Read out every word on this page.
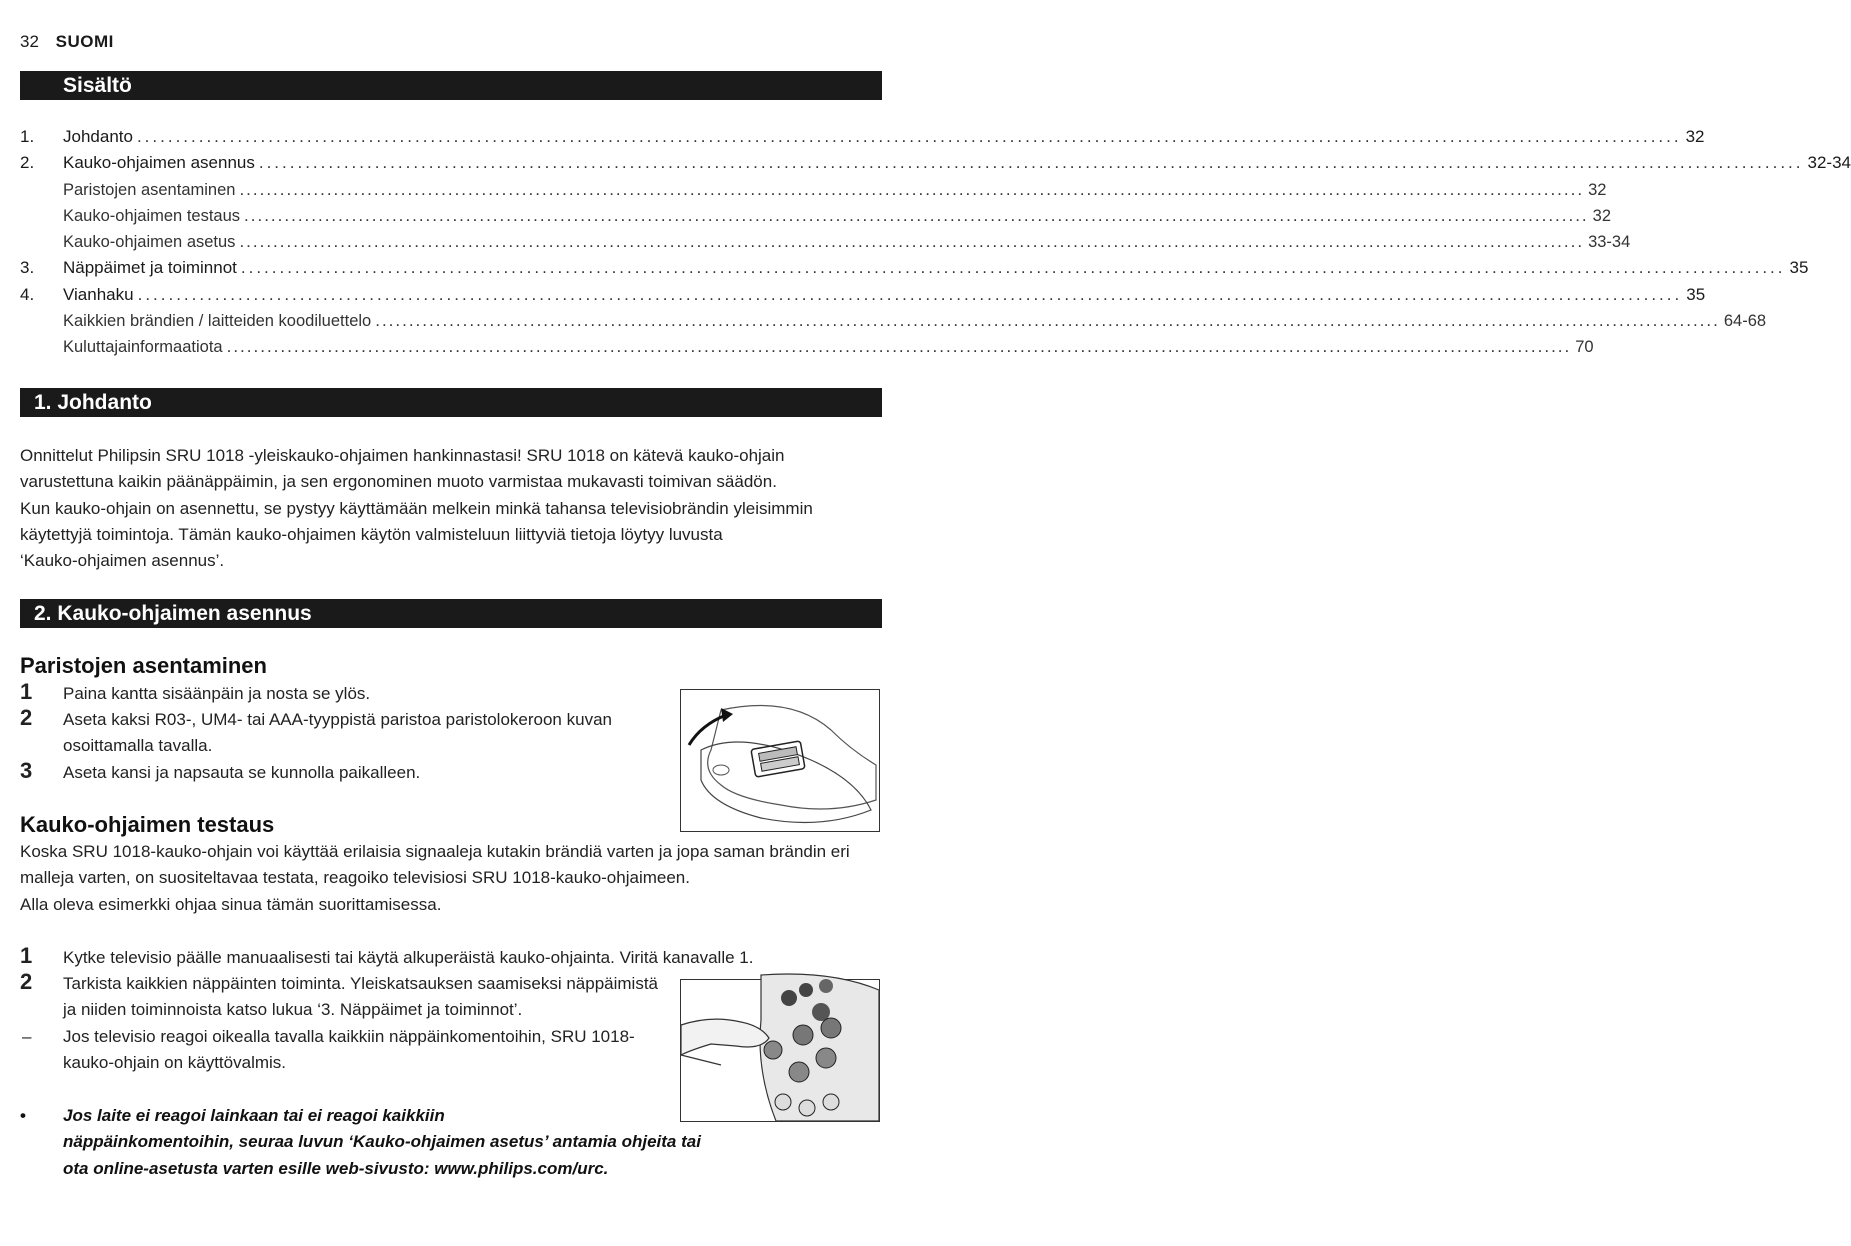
32 SUOMI
Sisältö
1.	Johdanto ........................................................................................................................................................................................................ 32
2.	Kauko-ohjaimen asennus ........................................................................................................................................................................................................ 32-34
Paristojen asentaminen ........................................................................................................................................................................................................ 32
Kauko-ohjaimen testaus ........................................................................................................................................................................................................ 32
Kauko-ohjaimen asetus ........................................................................................................................................................................................................ 33-34
3.	Näppäimet ja toiminnot ........................................................................................................................................................................................................ 35
4.	Vianhaku ........................................................................................................................................................................................................ 35
Kaikkien brändien / laitteiden koodiluettelo ........................................................................................................................................................................................................ 64-68
Kuluttajainformaatiota ........................................................................................................................................................................................................ 70
1. Johdanto

Onnittelut Philipsin SRU 1018 -yleiskauko-ohjaimen hankinnastasi! SRU 1018 on kätevä kauko-ohjain

varustettuna kaikin päänäppäimin, ja sen ergonominen muoto varmistaa mukavasti toimivan säädön.

Kun kauko-ohjain on asennettu, se pystyy käyttämään melkein minkä tahansa televisiobrändin yleisimmin

käytettyjä toimintoja. Tämän kauko-ohjaimen käytön valmisteluun liittyviä tietoja löytyy luvusta

‘Kauko-ohjaimen asennus’.

2. Kauko-ohjaimen asennus
Paristojen asentaminen
1	Paina kantta sisäänpäin ja nosta se ylös.
2	Aseta kaksi R03-, UM4- tai AAA-tyyppistä paristoa paristolokeroon kuvan
osoittamalla tavalla.
3	Aseta kansi ja napsauta se kunnolla paikalleen.
Kauko-ohjaimen testaus

Koska SRU 1018-kauko-ohjain voi käyttää erilaisia signaaleja kutakin brändiä varten ja jopa saman brändin eri

malleja varten, on suositeltavaa testata, reagoiko televisiosi SRU 1018-kauko-ohjaimeen.

Alla oleva esimerkki ohjaa sinua tämän suorittamisessa.

1	Kytke televisio päälle manuaalisesti tai käytä alkuperäistä kauko-ohjainta. Viritä kanavalle 1.
2	Tarkista kaikkien näppäinten toiminta. Yleiskatsauksen saamiseksi näppäimistä
ja niiden toiminnoista katso lukua ‘3. Näppäimet ja toiminnot’.
– Jos televisio reagoi oikealla tavalla kaikkiin näppäinkomentoihin, SRU 1018-
kauko-ohjain on käyttövalmis.
• Jos laite ei reagoi lainkaan tai ei reagoi kaikkiin
näppäinkomentoihin, seuraa luvun ‘Kauko-ohjaimen asetus’ antamia ohjeita tai
ota online-asetusta varten esille web-sivusto: www.philips.com/urc.
